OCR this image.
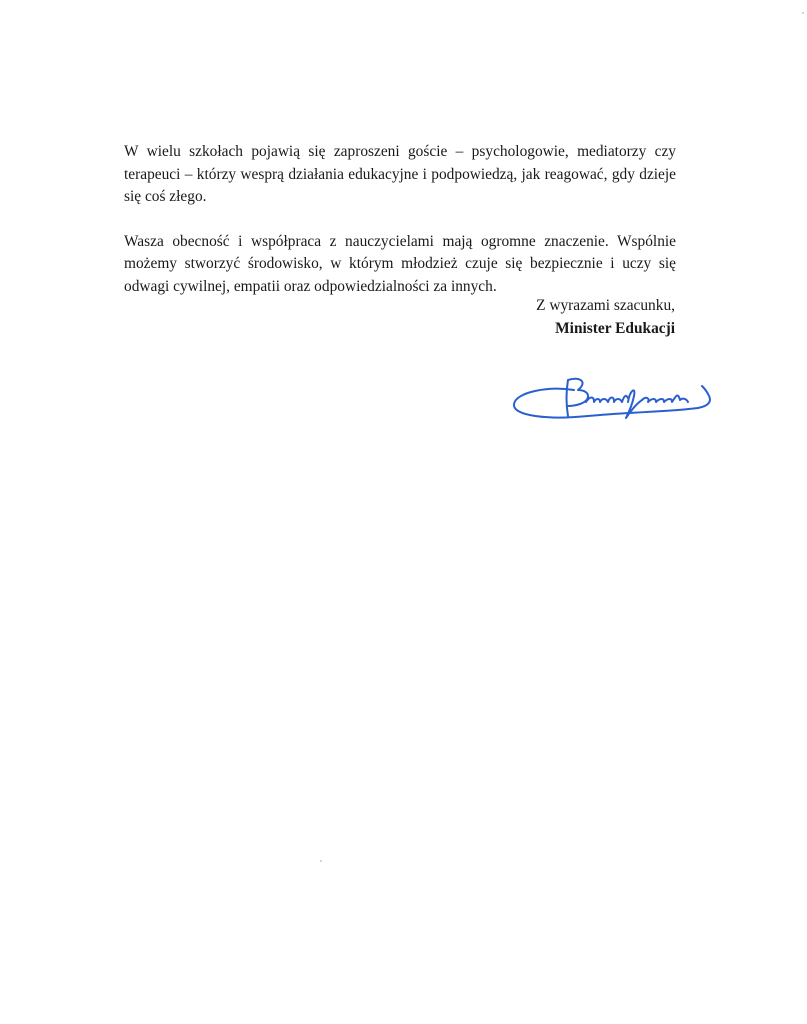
W wielu szkołach pojawią się zaproszeni goście – psychologowie, mediatorzy czy terapeuci – którzy wesprą działania edukacyjne i podpowiedzą, jak reagować, gdy dzieje się coś złego.

Wasza obecność i współpraca z nauczycielami mają ogromne znaczenie. Wspólnie możemy stworzyć środowisko, w którym młodzież czuje się bezpiecznie i uczy się odwagi cywilnej, empatii oraz odpowiedzialności za innych.

Z wyrazami szacunku,
Minister Edukacji
